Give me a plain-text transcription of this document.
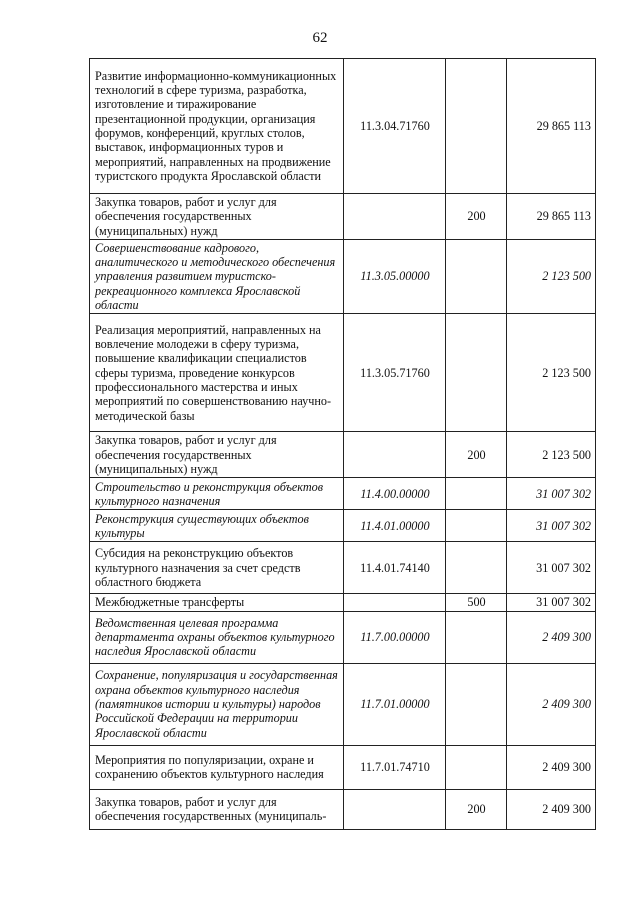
62
Развитие информационно-коммуникационных технологий в сфере туризма, разработка, изготовление и тиражирование презентационной продукции, организация форумов, конференций, круглых столов, выставок, информационных туров и мероприятий, направленных на продвижение туристского продукта Ярославской области	11.3.04.71760		29 865 113
Закупка товаров, работ и услуг для обеспечения государственных (муниципальных) нужд		200	29 865 113
Совершенствование кадрового, аналитического и методического обеспечения управления развитием туристско-рекреационного комплекса Ярославской области	11.3.05.00000		2 123 500
Реализация мероприятий, направленных на вовлечение молодежи в сферу туризма, повышение квалификации специалистов сферы туризма, проведение конкурсов профессионального мастерства и иных мероприятий по совершенствованию научно-методической базы	11.3.05.71760		2 123 500
Закупка товаров, работ и услуг для обеспечения государственных (муниципальных) нужд		200	2 123 500
Строительство и реконструкция объектов культурного назначения	11.4.00.00000		31 007 302
Реконструкция существующих объектов культуры	11.4.01.00000		31 007 302
Субсидия на реконструкцию объектов культурного назначения за счет средств областного бюджета	11.4.01.74140		31 007 302
Межбюджетные трансферты		500	31 007 302
Ведомственная целевая программа департамента охраны объектов культурного наследия Ярославской области	11.7.00.00000		2 409 300
Сохранение, популяризация и государственная охрана объектов культурного наследия (памятников истории и культуры) народов Российской Федерации на территории Ярославской области	11.7.01.00000		2 409 300
Мероприятия по популяризации, охране и сохранению объектов культурного наследия	11.7.01.74710		2 409 300
Закупка товаров, работ и услуг для обеспечения государственных (муниципаль-		200	2 409 300
